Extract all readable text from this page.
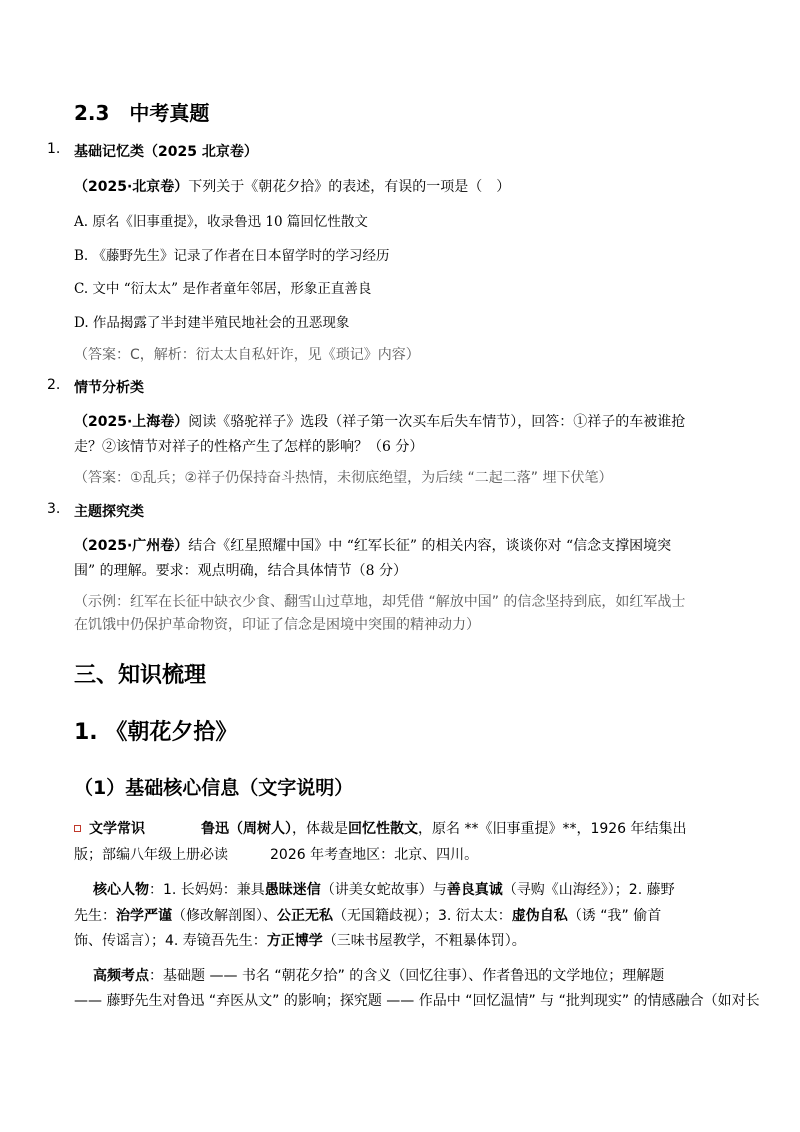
2.3　中考真题
1. 基础记忆类（2025 北京卷）
（2025·北京卷）下列关于《朝花夕拾》的表述，有误的一项是（　）
A. 原名《旧事重提》，收录鲁迅 10 篇回忆性散文
B. 《藤野先生》记录了作者在日本留学时的学习经历
C. 文中 “衍太太” 是作者童年邻居，形象正直善良
D. 作品揭露了半封建半殖民地社会的丑恶现象
（答案：C，解析：衍太太自私奸诈，见《琐记》内容）
2. 情节分析类
（2025·上海卷）阅读《骆驼祥子》选段（祥子第一次买车后失车情节），回答：①祥子的车被谁抢
走？②该情节对祥子的性格产生了怎样的影响？（6 分）
（答案：①乱兵；②祥子仍保持奋斗热情，未彻底绝望，为后续 “二起二落” 埋下伏笔）
3. 主题探究类
（2025·广州卷）结合《红星照耀中国》中 “红军长征” 的相关内容，谈谈你对 “信念支撑困境突
围” 的理解。要求：观点明确，结合具体情节（8 分）
（示例：红军在长征中缺衣少食、翻雪山过草地，却凭借 “解放中国” 的信念坚持到底，如红军战士
在饥饿中仍保护革命物资，印证了信念是困境中突围的精神动力）
三、知识梳理
1. 《朝花夕拾》
（1）基础核心信息（文字说明）
文学常识　　　　	鲁迅（周树人），体裁是回忆性散文，原名 **《旧事重提》**，1926 年结集出
版；部编八年级上册必读　　　2026 年考查地区：北京、四川。
核心人物：1. 长妈妈：兼具愚昧迷信（讲美女蛇故事）与善良真诚（寻购《山海经》）；2. 藤野
先生：治学严谨（修改解剖图）、公正无私（无国籍歧视）；3. 衍太太：虚伪自私（诱 “我” 偷首
饰、传谣言）；4. 寿镜吾先生：方正博学（三味书屋教学，不粗暴体罚）。
高频考点：基础题 —— 书名 “朝花夕拾” 的含义（回忆往事）、作者鲁迅的文学地位；理解题
—— 藤野先生对鲁迅 “弃医从文” 的影响；探究题 —— 作品中 “回忆温情” 与 “批判现实” 的情感融合（如对长
